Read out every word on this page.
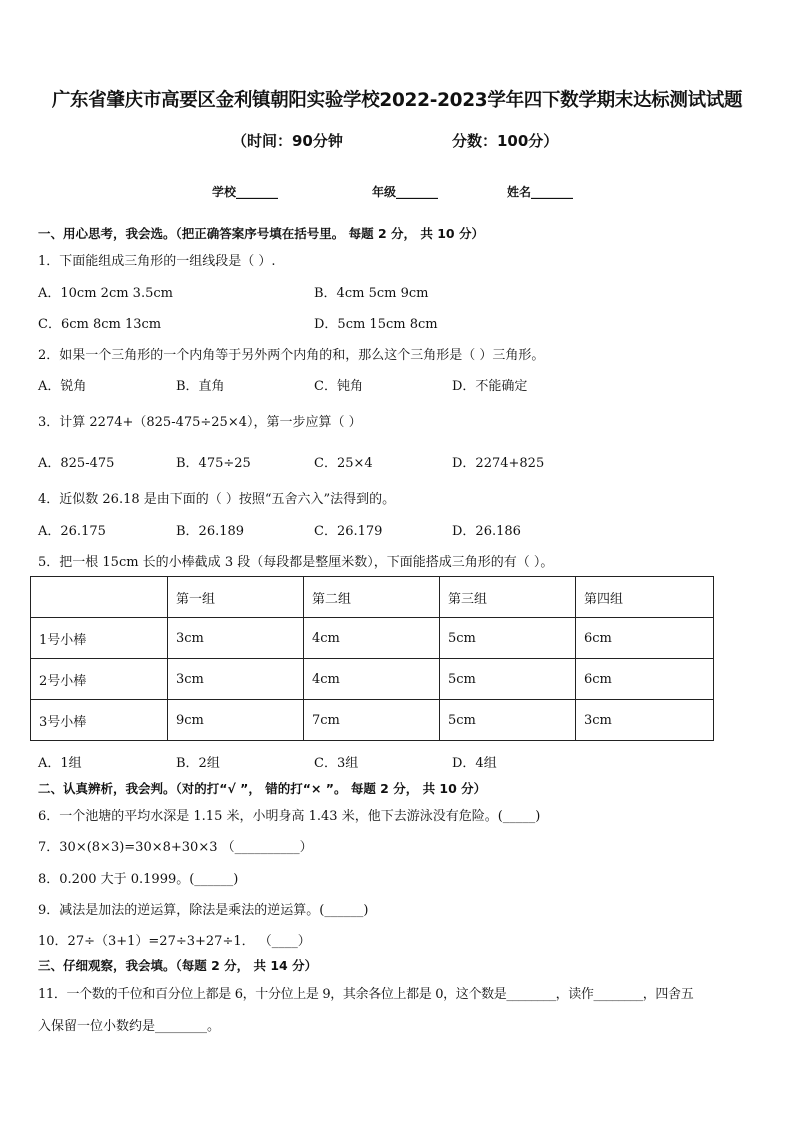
广东省肇庆市高要区金利镇朝阳实验学校2022-2023学年四下数学期末达标测试试题
（时间：90分钟	分数：100分）
学校_______	年级_______	姓名_______
一、用心思考，我会选。（把正确答案序号填在括号里。 每题 2 分， 共 10 分）
1．下面能组成三角形的一组线段是（ ）.
A．10cm 2cm 3.5cm	B．4cm 5cm 9cm
C．6cm 8cm 13cm	D．5cm 15cm 8cm
2．如果一个三角形的一个内角等于另外两个内角的和，那么这个三角形是（ ）三角形。
A．锐角	B．直角	C．钝角	D．不能确定
3．计算 2274+（825-475÷25×4），第一步应算（ ）
A．825-475	B．475÷25	C．25×4	D．2274+825
4．近似数 26.18 是由下面的（ ）按照“五舍六入”法得到的。
A．26.175	B．26.189	C．26.179	D．26.186
5．把一根 15cm 长的小棒截成 3 段（每段都是整厘米数），下面能搭成三角形的有（ ）。
	第一组	第二组	第三组	第四组
1号小棒	3cm	4cm	5cm	6cm
2号小棒	3cm	4cm	5cm	6cm
3号小棒	9cm	7cm	5cm	3cm
A．1组	B．2组	C．3组	D．4组
二、认真辨析，我会判。（对的打“√ ”， 错的打“× ”。 每题 2 分， 共 10 分）
6．一个池塘的平均水深是 1.15 米，小明身高 1.43 米，他下去游泳没有危险。(_____)
7．30×(8×3)=30×8+30×3 （__________）
8．0.200 大于 0.1999。(______)
9．减法是加法的逆运算，除法是乘法的逆运算。(______)
10．27÷（3+1）=27÷3+27÷1． （____）
三、仔细观察，我会填。（每题 2 分， 共 14 分）
11．一个数的千位和百分位上都是 6，十分位上是 9，其余各位上都是 0，这个数是________，读作________，四舍五
入保留一位小数约是________。
